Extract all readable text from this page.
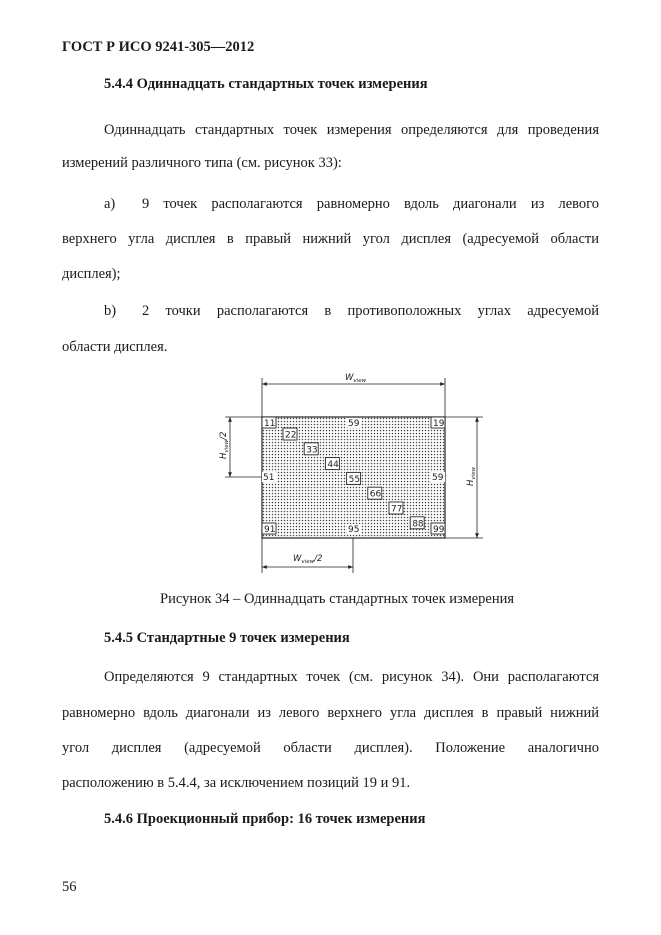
ГОСТ Р ИСО 9241-305—2012
5.4.4 Одиннадцать стандартных точек измерения
Одиннадцать стандартных точек измерения определяются для проведения
измерений различного типа (см. рисунок 33):
a) 9 точек располагаются равномерно вдоль диагонали из левого
верхнего угла дисплея в правый нижний угол дисплея (адресуемой области
дисплея);
b) 2 точки располагаются в противоположных углах адресуемой
области дисплея.
$W_{view}$
$H_{view}/2$
$H_{view}$
$W_{view}/2$
11	19
91	99
59
51	59
95
22
33
44
55
66
77
88
Рисунок 34 – Одиннадцать стандартных точек измерения
5.4.5 Стандартные 9 точек измерения
Определяются 9 стандартных точек (см. рисунок 34). Они располагаются
равномерно вдоль диагонали из левого верхнего угла дисплея в правый нижний
угол дисплея (адресуемой области дисплея). Положение аналогично
расположению в 5.4.4, за исключением позиций 19 и 91.
5.4.6 Проекционный прибор: 16 точек измерения
56
